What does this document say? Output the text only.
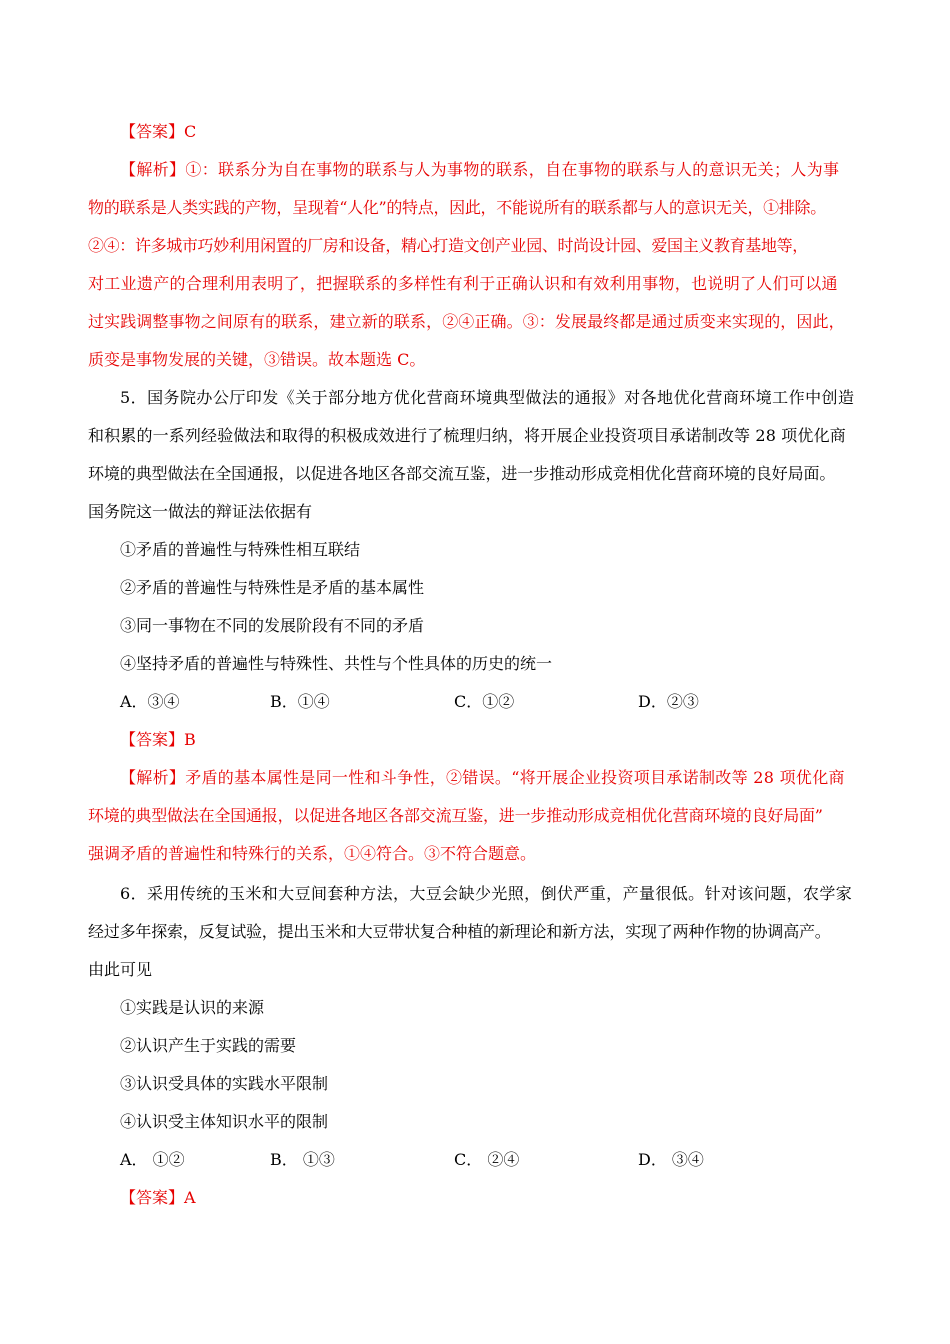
【答案】C
【解析】①：联系分为自在事物的联系与人为事物的联系，自在事物的联系与人的意识无关；人为事
物的联系是人类实践的产物，呈现着“人化”的特点，因此，不能说所有的联系都与人的意识无关，①排除。
②④：许多城市巧妙利用闲置的厂房和设备，精心打造文创产业园、时尚设计园、爱国主义教育基地等，
对工业遗产的合理利用表明了，把握联系的多样性有利于正确认识和有效利用事物，也说明了人们可以通
过实践调整事物之间原有的联系，建立新的联系，②④正确。③：发展最终都是通过质变来实现的，因此，
质变是事物发展的关键，③错误。故本题选 C。
5．国务院办公厅印发《关于部分地方优化营商环境典型做法的通报》对各地优化营商环境工作中创造
和积累的一系列经验做法和取得的积极成效进行了梳理归纳，将开展企业投资项目承诺制改等 28 项优化商
环境的典型做法在全国通报，以促进各地区各部交流互鉴，进一步推动形成竞相优化营商环境的良好局面。
国务院这一做法的辩证法依据有
①矛盾的普遍性与特殊性相互联结
②矛盾的普遍性与特殊性是矛盾的基本属性
③同一事物在不同的发展阶段有不同的矛盾
④坚持矛盾的普遍性与特殊性、共性与个性具体的历史的统一
A．③④	B．①④	C．①②	D．②③
【答案】B
【解析】矛盾的基本属性是同一性和斗争性，②错误。“将开展企业投资项目承诺制改等 28 项优化商
环境的典型做法在全国通报，以促进各地区各部交流互鉴，进一步推动形成竞相优化营商环境的良好局面”
强调矛盾的普遍性和特殊行的关系，①④符合。③不符合题意。
6．采用传统的玉米和大豆间套种方法，大豆会缺少光照，倒伏严重，产量很低。针对该问题，农学家
经过多年探索，反复试验，提出玉米和大豆带状复合种植的新理论和新方法，实现了两种作物的协调高产。
由此可见
①实践是认识的来源
②认识产生于实践的需要
③认识受具体的实践水平限制
④认识受主体知识水平的限制
A． ①②	B． ①③	C． ②④	D． ③④
【答案】A
